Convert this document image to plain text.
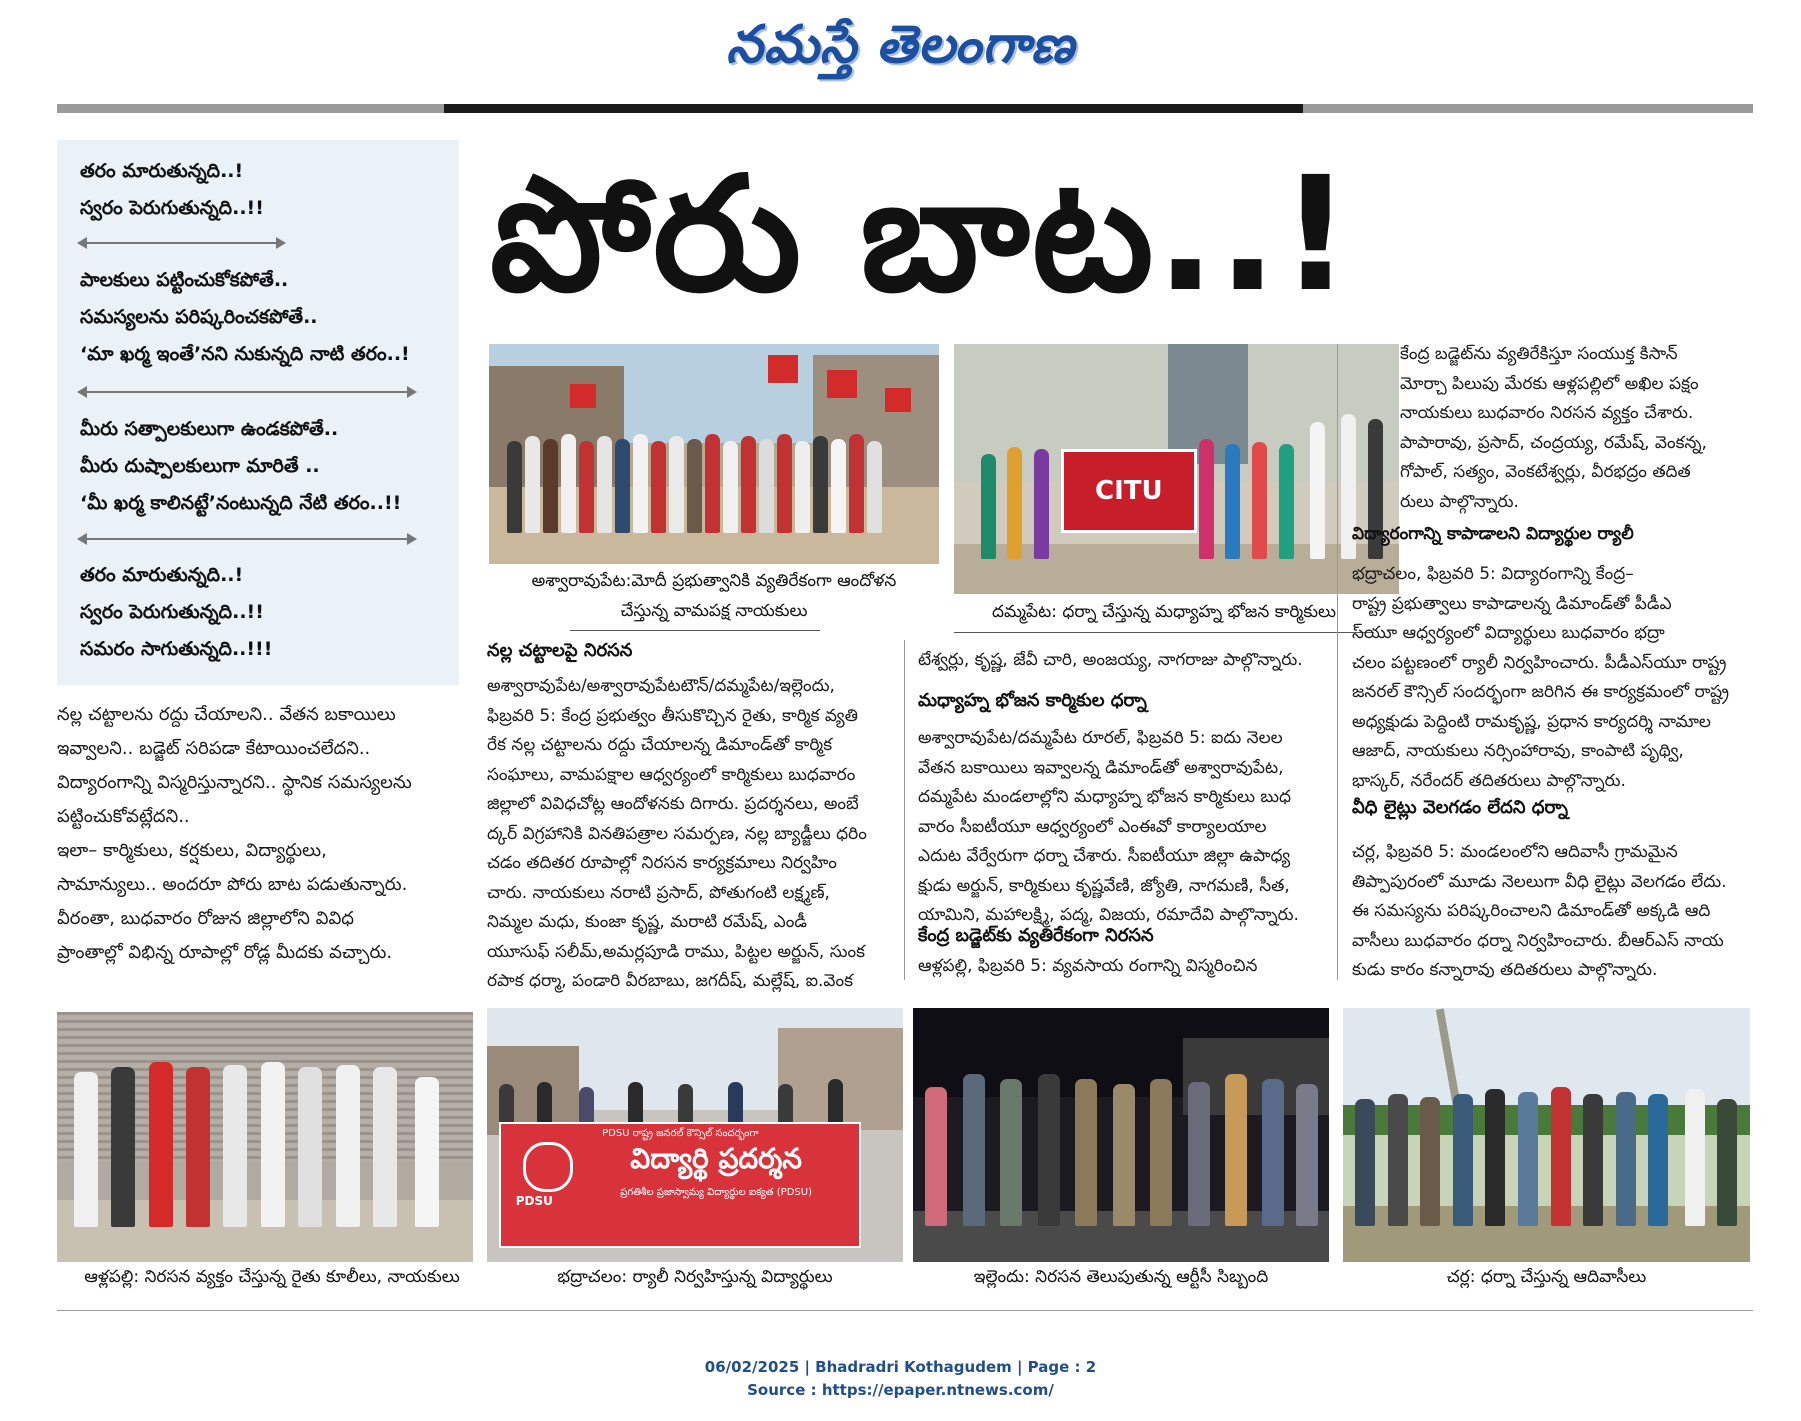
నమస్తే తెలంగాణ
తరం మారుతున్నది..!
స్వరం పెరుగుతున్నది..!!
పాలకులు పట్టించుకోకపోతే..
సమస్యలను పరిష్కరించకపోతే..
‘మా ఖర్మ ఇంతే’నని నుకున్నది నాటి తరం..!
మీరు సత్పాలకులుగా ఉండకపోతే..
మీరు దుష్పాలకులుగా మారితే ..
‘మీ ఖర్మ కాలినట్టే’నంటున్నది నేటి తరం..!!
తరం మారుతున్నది..!
స్వరం పెరుగుతున్నది..!!
సమరం సాగుతున్నది..!!!
పోరు బాట..!
అశ్వారావుపేట:మోదీ ప్రభుత్వానికి వ్యతిరేకంగా ఆందోళన
చేస్తున్న వామపక్ష నాయకులు
CITU
దమ్మపేట: ధర్నా చేస్తున్న మధ్యాహ్న భోజన కార్మికులు
నల్ల చట్టాలను రద్దు చేయాలని.. వేతన బకాయిలు
ఇవ్వాలని.. బడ్జెట్ సరిపడా కేటాయించలేదని..
విద్యారంగాన్ని విస్మరిస్తున్నారని.. స్థానిక సమస్యలను
పట్టించుకోవట్లేదని..
ఇలా– కార్మికులు, కర్షకులు, విద్యార్థులు,
సామాన్యులు.. అందరూ పోరు బాట పడుతున్నారు.
వీరంతా, బుధవారం రోజున జిల్లాలోని వివిధ
ప్రాంతాల్లో విభిన్న రూపాల్లో రోడ్ల మీదకు వచ్చారు.
నల్ల చట్టాలపై నిరసన
అశ్వారావుపేట/అశ్వారావుపేటటౌన్/దమ్మపేట/ఇల్లెందు,
ఫిబ్రవరి 5: కేంద్ర ప్రభుత్వం తీసుకొచ్చిన రైతు, కార్మిక వ్యతి
రేక నల్ల చట్టాలను రద్దు చేయాలన్న డిమాండ్‌తో కార్మిక
సంఘాలు, వామపక్షాల ఆధ్వర్యంలో కార్మికులు బుధవారం
జిల్లాలో వివిధచోట్ల ఆందోళనకు దిగారు. ప్రదర్శనలు, అంబే
ద్కర్ విగ్రహానికి వినతిపత్రాల సమర్పణ, నల్ల బ్యాడ్జీలు ధరిం
చడం తదితర రూపాల్లో నిరసన కార్యక్రమాలు నిర్వహిం
చారు. నాయకులు నరాటి ప్రసాద్, పోతుగంటి లక్ష్మణ్,
నిమ్మల మధు, కుంజా కృష్ణ, మరాటి రమేష్, ఎండీ
యూసుఫ్ సలీమ్,అమర్లపూడి రాము, పిట్టల అర్జున్, సుంక
రపాక ధర్మా, పండారి వీరబాబు, జగదీష్, మల్లేష్, ఐ.వెంక
టేశ్వర్లు, కృష్ణ, జేవీ చారి, అంజయ్య, నాగరాజు పాల్గొన్నారు.
మధ్యాహ్న భోజన కార్మికుల ధర్నా
అశ్వారావుపేట/దమ్మపేట రూరల్, ఫిబ్రవరి 5: ఐదు నెలల
వేతన బకాయిలు ఇవ్వాలన్న డిమాండ్‌తో అశ్వారావుపేట,
దమ్మపేట మండలాల్లోని మధ్యాహ్న భోజన కార్మికులు బుధ
వారం సీఐటీయూ ఆధ్వర్యంలో ఎంఈవో కార్యాలయాల
ఎదుట వేర్వేరుగా ధర్నా చేశారు. సీఐటీయూ జిల్లా ఉపాధ్య
క్షుడు అర్జున్, కార్మికులు కృష్ణవేణి, జ్యోతి, నాగమణి, సీత,
యామిని, మహాలక్ష్మి, పద్మ, విజయ, రమాదేవి పాల్గొన్నారు.
కేంద్ర బడ్జెట్‌కు వ్యతిరేకంగా నిరసన
ఆళ్లపల్లి, ఫిబ్రవరి 5: వ్యవసాయ రంగాన్ని విస్మరించిన
కేంద్ర బడ్జెట్‌ను వ్యతిరేకిస్తూ సంయుక్త కిసాన్
మోర్చా పిలుపు మేరకు ఆళ్లపల్లిలో అఖిల పక్షం
నాయకులు బుధవారం నిరసన వ్యక్తం చేశారు.
పాపారావు, ప్రసాద్, చంద్రయ్య, రమేష్, వెంకన్న,
గోపాల్, సత్యం, వెంకటేశ్వర్లు, వీరభద్రం తదిత
రులు పాల్గొన్నారు.
విద్యారంగాన్ని కాపాడాలని విద్యార్థుల ర్యాలీ
భద్రాచలం, ఫిబ్రవరి 5: విద్యారంగాన్ని కేంద్ర–
రాష్ట్ర ప్రభుత్వాలు కాపాడాలన్న డిమాండ్‌తో పీడీఎ
స్‌యూ ఆధ్వర్యంలో విద్యార్థులు బుధవారం భద్రా
చలం పట్టణంలో ర్యాలీ నిర్వహించారు. పీడీఎస్‌యూ రాష్ట్ర
జనరల్ కౌన్సిల్ సందర్భంగా జరిగిన ఈ కార్యక్రమంలో రాష్ట్ర
అధ్యక్షుడు పెద్దింటి రామకృష్ణ, ప్రధాన కార్యదర్శి నామాల
ఆజాద్, నాయకులు నర్సింహారావు, కాంపాటి పృథ్వి,
భాస్కర్, నరేందర్ తదితరులు పాల్గొన్నారు.
వీధి లైట్లు వెలగడం లేదని ధర్నా
చర్ల, ఫిబ్రవరి 5: మండలంలోని ఆదివాసీ గ్రామమైన
తిప్పాపురంలో మూడు నెలలుగా వీధి లైట్లు వెలగడం లేదు.
ఈ సమస్యను పరిష్కరించాలని డిమాండ్‌తో అక్కడి ఆది
వాసీలు బుధవారం ధర్నా నిర్వహించారు. బీఆర్ఎస్ నాయ
కుడు కారం కన్నారావు తదితరులు పాల్గొన్నారు.
ఆళ్లపల్లి: నిరసన వ్యక్తం చేస్తున్న రైతు కూలీలు, నాయకులు
PDSU రాష్ట్ర జనరల్ కౌన్సిల్ సందర్భంగా
విద్యార్థి ప్రదర్శన
ప్రగతిశీల ప్రజాస్వామ్య విద్యార్థుల ఐక్యత (PDSU)
PDSU
భద్రాచలం: ర్యాలీ నిర్వహిస్తున్న విద్యార్థులు	ఇల్లెందు: నిరసన తెలుపుతున్న ఆర్టీసీ సిబ్బంది	చర్ల: ధర్నా చేస్తున్న ఆదివాసీలు
06/02/2025 | Bhadradri Kothagudem | Page : 2
Source : https://epaper.ntnews.com/
